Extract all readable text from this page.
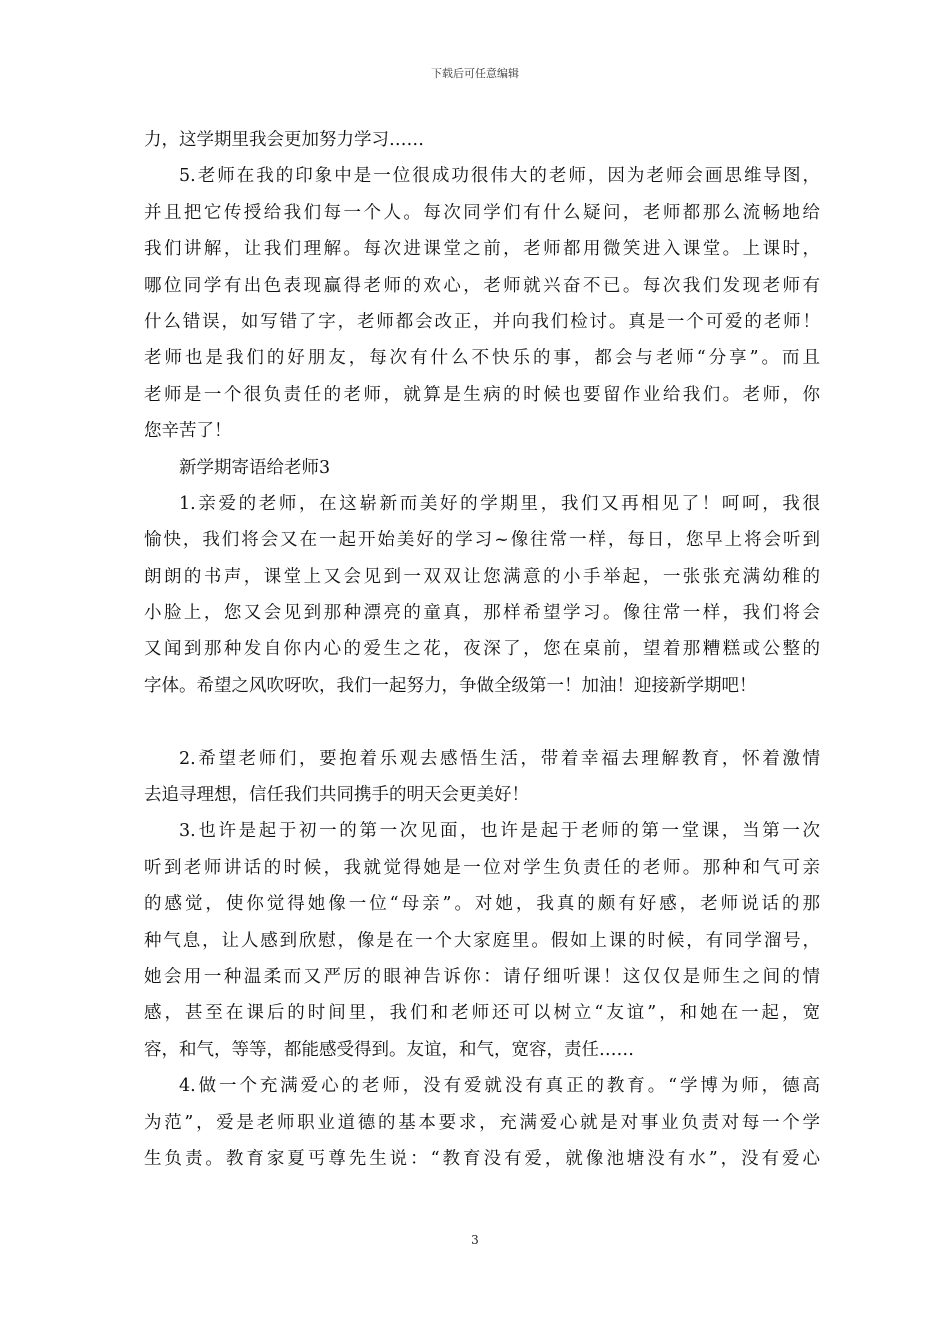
下载后可任意编辑
力，这学期里我会更加努力学习……
5.老师在我的印象中是一位很成功很伟大的老师，因为老师会画思维导图，
并且把它传授给我们每一个人。每次同学们有什么疑问，老师都那么流畅地给
我们讲解，让我们理解。每次进课堂之前，老师都用微笑进入课堂。上课时，
哪位同学有出色表现赢得老师的欢心，老师就兴奋不已。每次我们发现老师有
什么错误，如写错了字，老师都会改正，并向我们检讨。真是一个可爱的老师！
老师也是我们的好朋友，每次有什么不快乐的事，都会与老师“分享”。而且
老师是一个很负责任的老师，就算是生病的时候也要留作业给我们。老师，你
您辛苦了！
新学期寄语给老师3
1.亲爱的老师，在这崭新而美好的学期里，我们又再相见了！呵呵，我很
愉快，我们将会又在一起开始美好的学习~像往常一样，每日，您早上将会听到
朗朗的书声，课堂上又会见到一双双让您满意的小手举起，一张张充满幼稚的
小脸上，您又会见到那种漂亮的童真，那样希望学习。像往常一样，我们将会
又闻到那种发自你内心的爱生之花，夜深了，您在桌前，望着那糟糕或公整的
字体。希望之风吹呀吹，我们一起努力，争做全级第一！加油！迎接新学期吧！
2.希望老师们，要抱着乐观去感悟生活，带着幸福去理解教育，怀着激情
去追寻理想，信任我们共同携手的明天会更美好！
3.也许是起于初一的第一次见面，也许是起于老师的第一堂课，当第一次
听到老师讲话的时候，我就觉得她是一位对学生负责任的老师。那种和气可亲
的感觉，使你觉得她像一位“母亲”。对她，我真的颇有好感，老师说话的那
种气息，让人感到欣慰，像是在一个大家庭里。假如上课的时候，有同学溜号，
她会用一种温柔而又严厉的眼神告诉你：请仔细听课！这仅仅是师生之间的情
感，甚至在课后的时间里，我们和老师还可以树立“友谊”，和她在一起，宽
容，和气，等等，都能感受得到。友谊，和气，宽容，责任……
4.做一个充满爱心的老师，没有爱就没有真正的教育。“学博为师，德高
为范”，爱是老师职业道德的基本要求，充满爱心就是对事业负责对每一个学
生负责。教育家夏丐尊先生说：“教育没有爱，就像池塘没有水”，没有爱心
3
